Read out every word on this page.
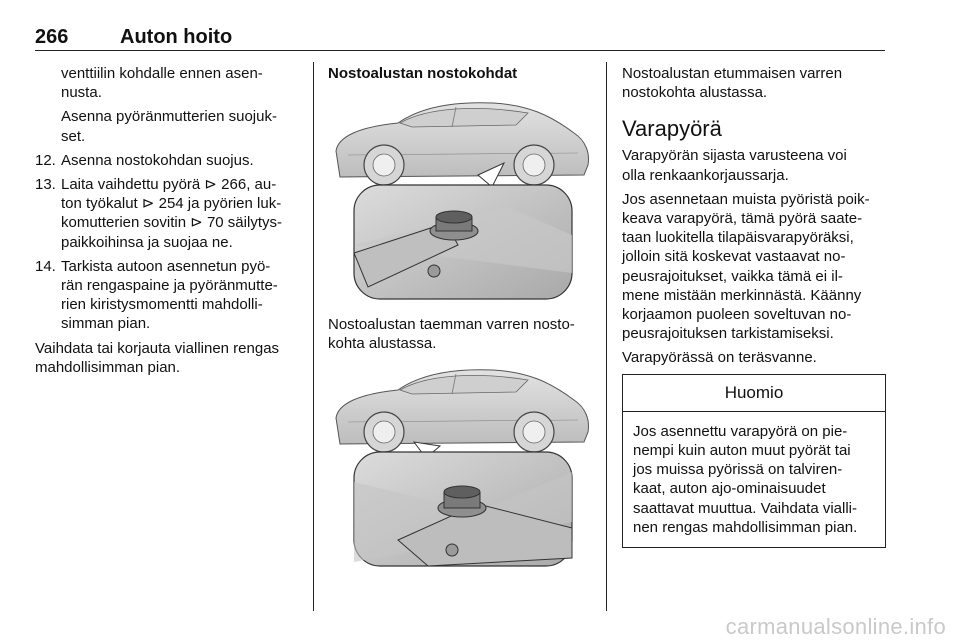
266	Auton hoito

venttiilin kohdalle ennen asen-
nusta.

Asenna pyöränmutterien suojuk-
set.

12. Asenna nostokohdan suojus.
13. Laita vaihdettu pyörä ⊳ 266, au-
ton työkalut ⊳ 254 ja pyörien luk-
komutterien sovitin ⊳ 70 säilytys-
paikkoihinsa ja suojaa ne.
14. Tarkista autoon asennetun pyö-
rän rengaspaine ja pyöränmutte-
rien kiristysmomentti mahdolli-
simman pian.

Vaihdata tai korjauta viallinen rengas
mahdollisimman pian.

Nostoalustan nostokohdat

Nostoalustan taemman varren nosto-
kohta alustassa.

Nostoalustan etummaisen varren
nostokohta alustassa.

Varapyörä

Varapyörän sijasta varusteena voi
olla renkaankorjaussarja.

Jos asennetaan muista pyöristä poik-
keava varapyörä, tämä pyörä saate-
taan luokitella tilapäisvarapyöräksi,
jolloin sitä koskevat vastaavat no-
peusrajoitukset, vaikka tämä ei il-
mene mistään merkinnästä. Käänny
korjaamon puoleen soveltuvan no-
peusrajoituksen tarkistamiseksi.

Varapyörässä on teräsvanne.

Huomio
Jos asennettu varapyörä on pie-
nempi kuin auton muut pyörät tai
jos muissa pyörissä on talviren-
kaat, auton ajo-ominaisuudet
saattavat muuttua. Vaihdata vialli-
nen rengas mahdollisimman pian.
carmanualsonline.info
